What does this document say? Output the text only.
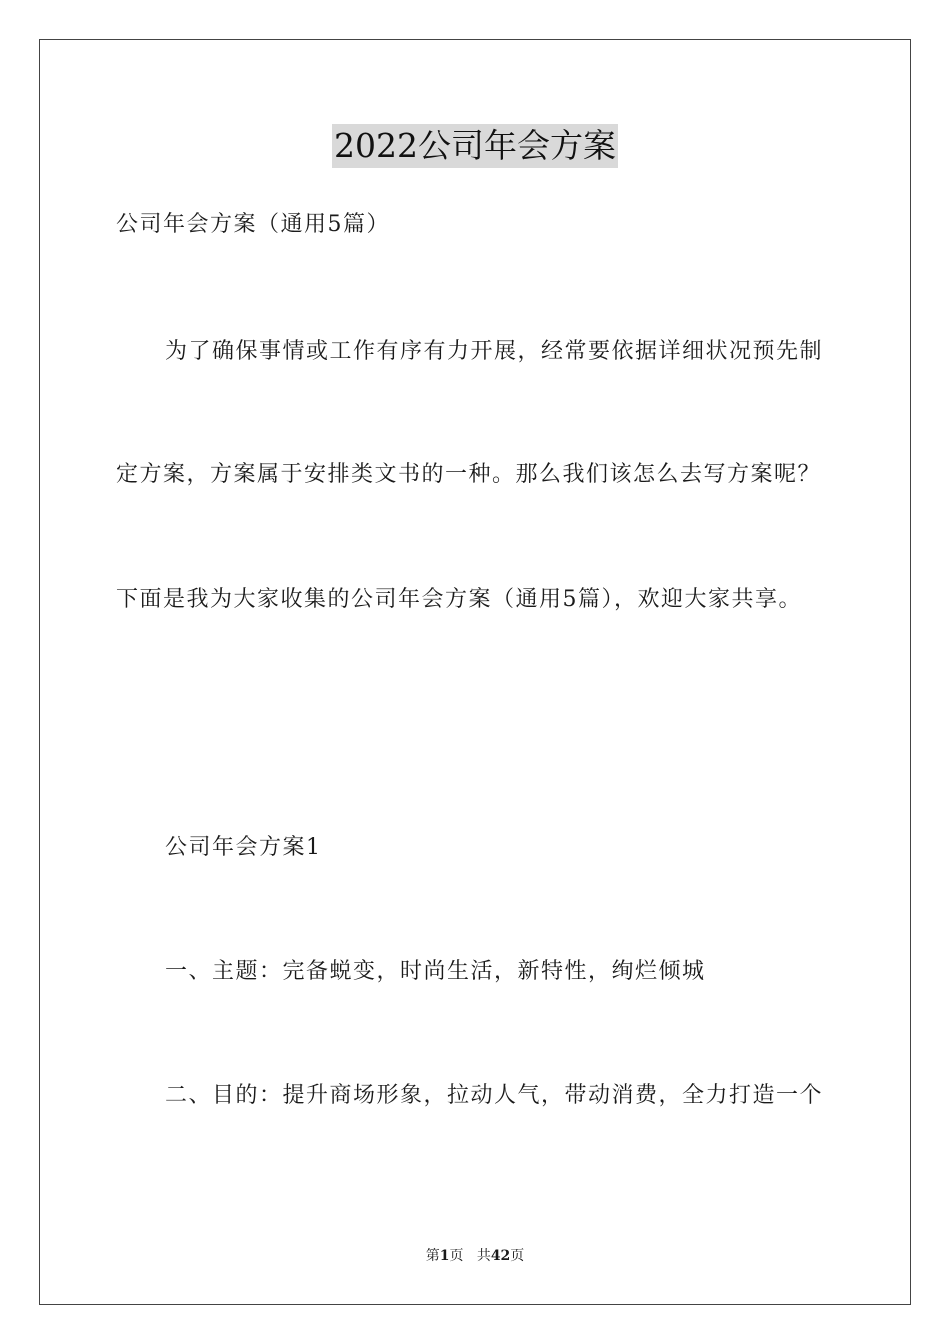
2022公司年会方案
公司年会方案（通用5篇）
为了确保事情或工作有序有力开展，经常要依据详细状况预先制
定方案，方案属于安排类文书的一种。那么我们该怎么去写方案呢？
下面是我为大家收集的公司年会方案（通用5篇），欢迎大家共享。
公司年会方案1
一、主题：完备蜕变，时尚生活，新特性，绚烂倾城
二、目的：提升商场形象，拉动人气，带动消费，全力打造一个
第1页 共42页
